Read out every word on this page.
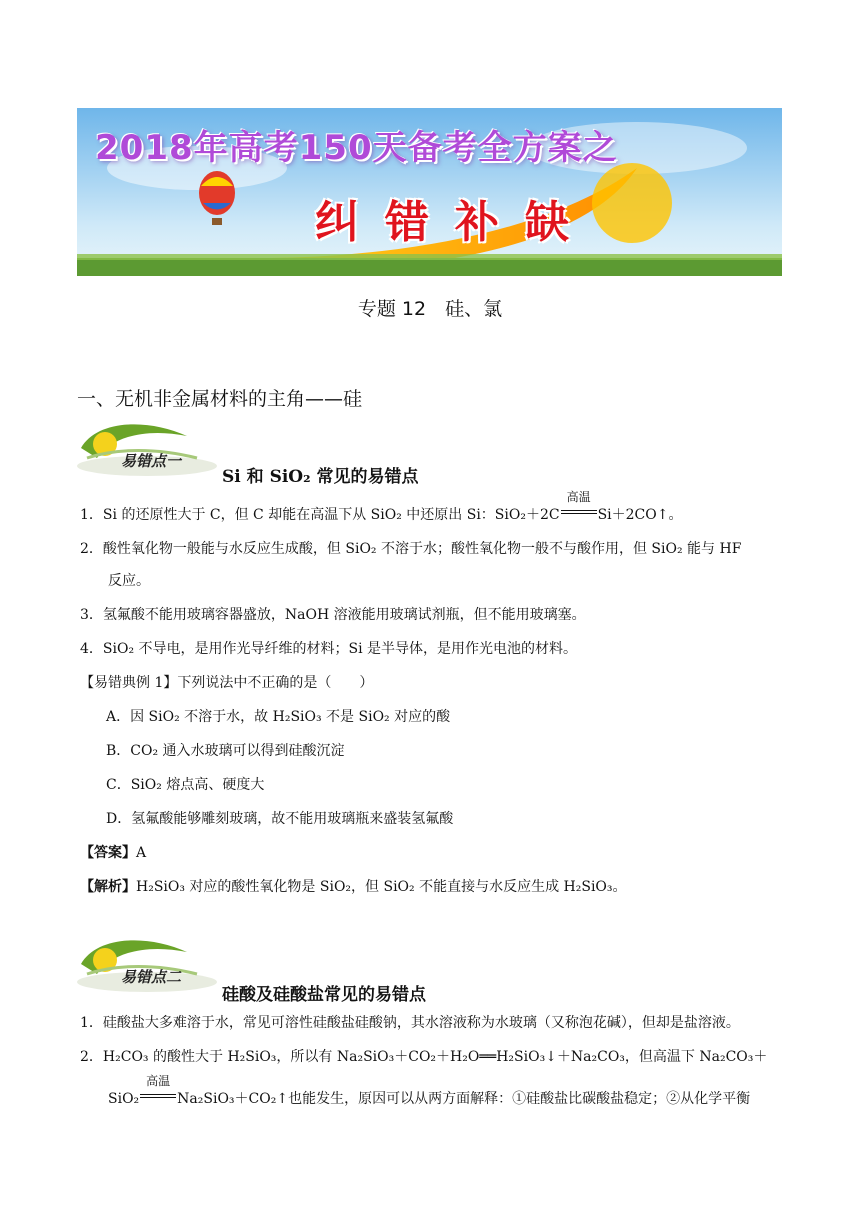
2018年高考150天备考全方案之
纠错补缺
专题 12　硅、氯
一、无机非金属材料的主角——硅
易错点一
Si 和 SiO₂ 常见的易错点
1．Si 的还原性大于 C，但 C 却能在高温下从 SiO₂ 中还原出 Si：SiO₂＋2C
高温
Si＋2CO↑。
2．酸性氧化物一般能与水反应生成酸，但 SiO₂ 不溶于水；酸性氧化物一般不与酸作用，但 SiO₂ 能与 HF
反应。
3．氢氟酸不能用玻璃容器盛放，NaOH 溶液能用玻璃试剂瓶，但不能用玻璃塞。
4．SiO₂ 不导电，是用作光导纤维的材料；Si 是半导体，是用作光电池的材料。
【易错典例 1】下列说法中不正确的是（　　）
A．因 SiO₂ 不溶于水，故 H₂SiO₃ 不是 SiO₂ 对应的酸
B．CO₂ 通入水玻璃可以得到硅酸沉淀
C．SiO₂ 熔点高、硬度大
D．氢氟酸能够雕刻玻璃，故不能用玻璃瓶来盛装氢氟酸
【答案】A
【解析】H₂SiO₃ 对应的酸性氧化物是 SiO₂，但 SiO₂ 不能直接与水反应生成 H₂SiO₃。
易错点二
硅酸及硅酸盐常见的易错点
1．硅酸盐大多难溶于水，常见可溶性硅酸盐硅酸钠，其水溶液称为水玻璃（又称泡花碱），但却是盐溶液。
2．H₂CO₃ 的酸性大于 H₂SiO₃，所以有 Na₂SiO₃＋CO₂＋H₂O══H₂SiO₃↓＋Na₂CO₃，但高温下 Na₂CO₃＋
SiO₂
高温
Na₂SiO₃＋CO₂↑也能发生，原因可以从两方面解释：①硅酸盐比碳酸盐稳定；②从化学平衡
